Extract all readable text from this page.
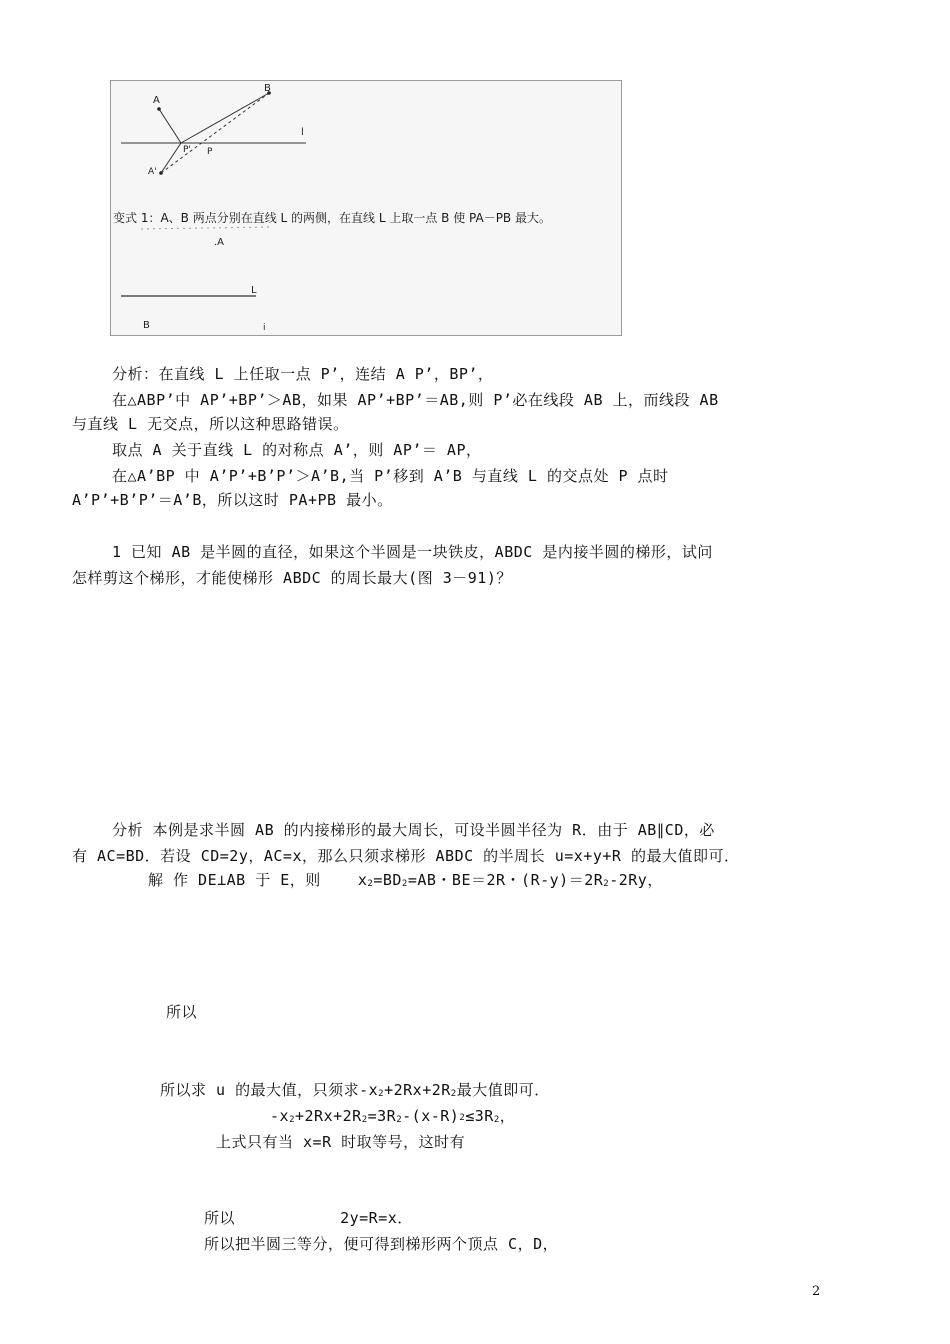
A
B
l
P' P
A'
变式 1：A、B 两点分别在直线 L 的两侧，在直线 L 上取一点 B 使 PA－PB 最大。
.A
L
B	i
分析：在直线 L 上任取一点 P’，连结 A P’，BP’，
在△ABP’中 AP’+BP’＞AB，如果 AP’+BP’＝AB,则 P’必在线段 AB 上，而线段 AB
与直线 L 无交点，所以这种思路错误。
取点 A 关于直线 L 的对称点 A’，则 AP’＝ AP，
在△A’BP 中 A’P’+B’P’＞A’B,当 P’移到 A’B 与直线 L 的交点处 P 点时
A’P’+B’P’＝A’B，所以这时 PA+PB 最小。
1 已知 AB 是半圆的直径，如果这个半圆是一块铁皮，ABDC 是内接半圆的梯形，试问
怎样剪这个梯形，才能使梯形 ABDC 的周长最大(图 3－91)？
分析 本例是求半圆 AB 的内接梯形的最大周长，可设半圆半径为 R．由于 AB∥CD，必
有 AC=BD．若设 CD=2y，AC=x，那么只须求梯形 ABDC 的半周长 u=x+y+R 的最大值即可．
解 作 DE⊥AB 于 E，则 $x_2=BD_2=AB$・BE＝2R・$(R-y)=2R_2-2Ry$，
所以
所以求 u 的最大值，只须求$-x_2+2Rx+2R_2$最大值即可．
$-x_2+2Rx+2R_2=3R_2-(x-R)^2\le 3R_2$，
上式只有当 x=R 时取等号，这时有
所以	2y=R=x．
所以把半圆三等分，便可得到梯形两个顶点 C，D，
2
